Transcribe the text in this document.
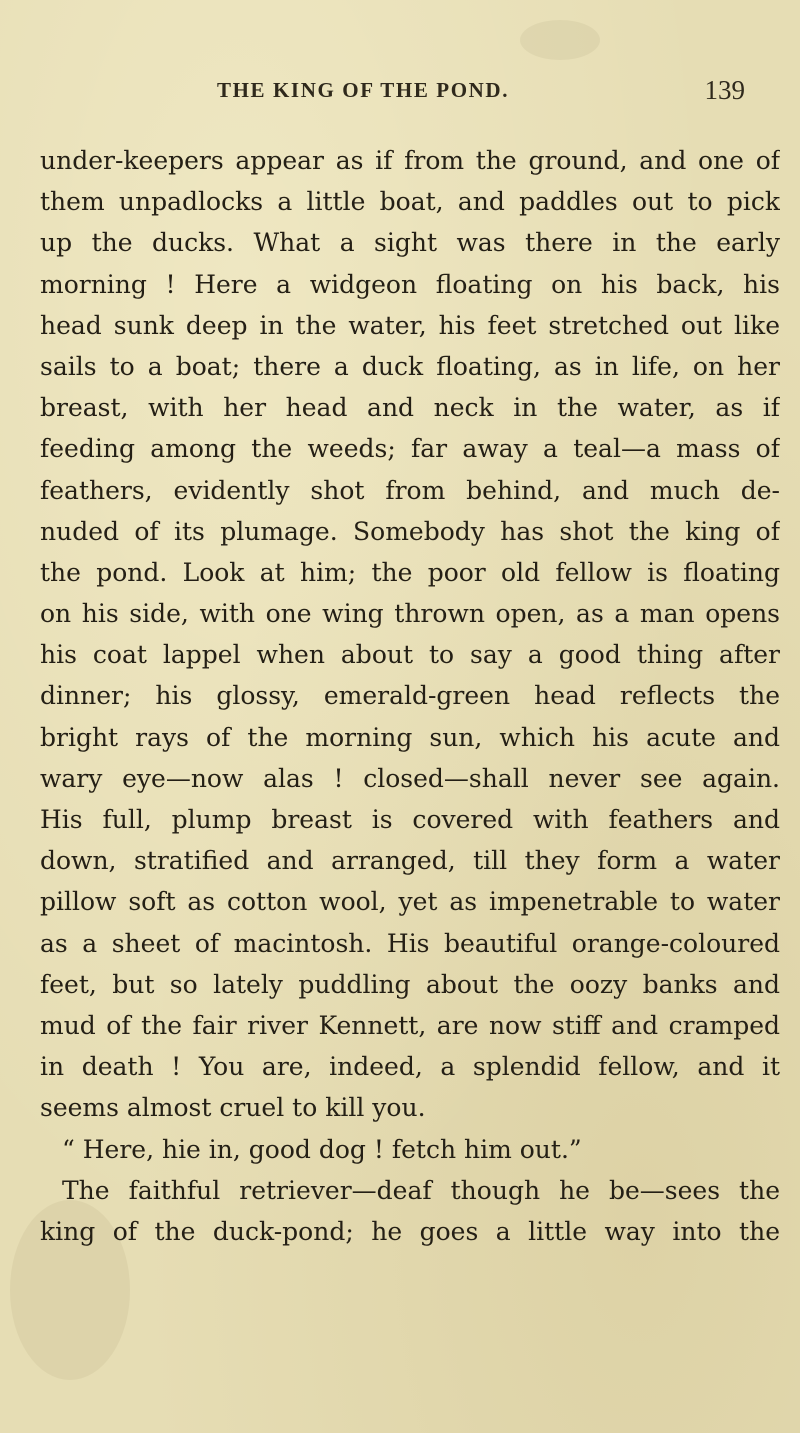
THE KING OF THE POND.	139
under-keepers appear as if from the ground, and one of
them unpadlocks a little boat, and paddles out to pick
up the ducks. What a sight was there in the early
morning ! Here a widgeon floating on his back, his
head sunk deep in the water, his feet stretched out like
sails to a boat; there a duck floating, as in life, on her
breast, with her head and neck in the water, as if
feeding among the weeds; far away a teal—a mass of
feathers, evidently shot from behind, and much de-
nuded of its plumage. Somebody has shot the king of
the pond. Look at him; the poor old fellow is floating
on his side, with one wing thrown open, as a man opens
his coat lappel when about to say a good thing after
dinner; his glossy, emerald-green head reflects the
bright rays of the morning sun, which his acute and
wary eye—now alas ! closed—shall never see again.
His full, plump breast is covered with feathers and
down, stratified and arranged, till they form a water
pillow soft as cotton wool, yet as impenetrable to water
as a sheet of macintosh. His beautiful orange-coloured
feet, but so lately puddling about the oozy banks and
mud of the fair river Kennett, are now stiff and cramped
in death ! You are, indeed, a splendid fellow, and it
seems almost cruel to kill you.
“ Here, hie in, good dog ! fetch him out.”
The faithful retriever—deaf though he be—sees the
king of the duck-pond; he goes a little way into the
